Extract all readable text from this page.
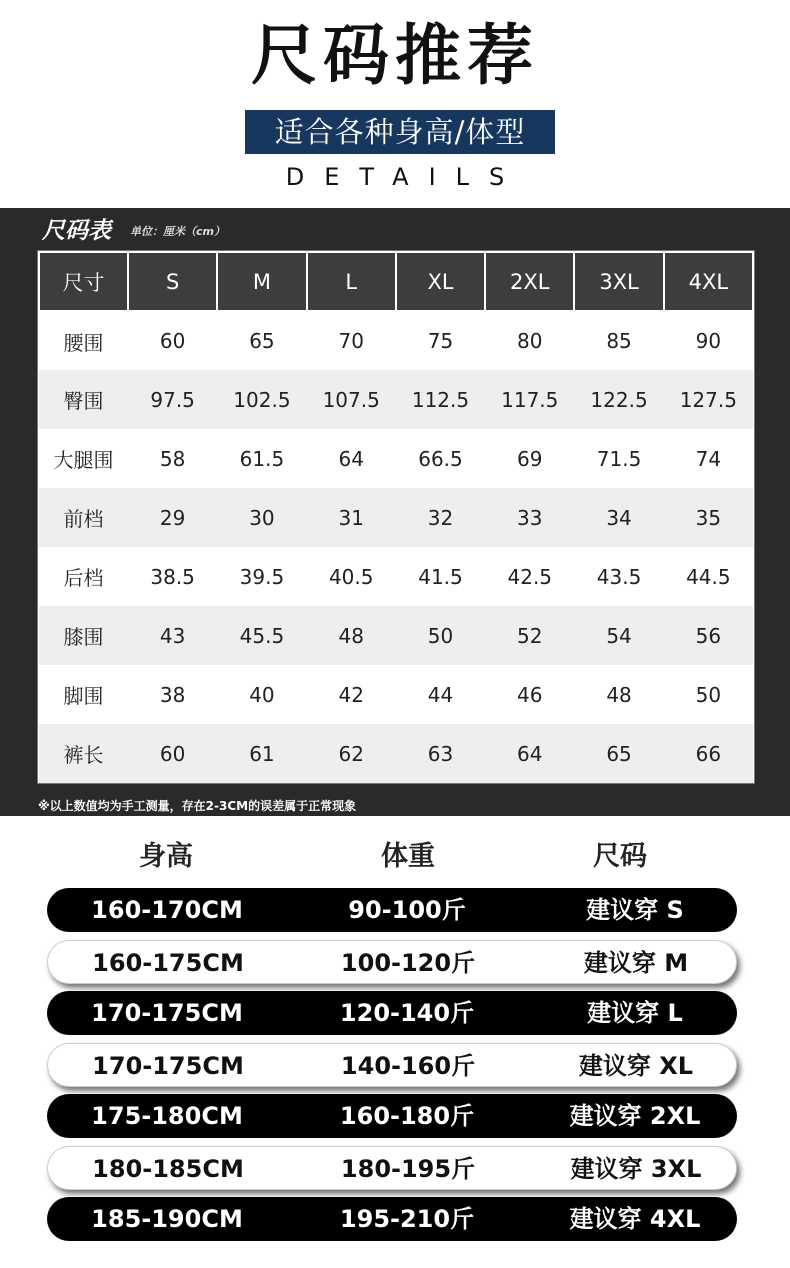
尺码推荐
适合各种身高/体型
DETAILS
尺码表 单位：厘米（cm）
尺寸	S	M	L	XL	2XL	3XL	4XL
腰围	60	65	70	75	80	85	90
臀围	97.5	102.5	107.5	112.5	117.5	122.5	127.5
大腿围	58	61.5	64	66.5	69	71.5	74
前档	29	30	31	32	33	34	35
后档	38.5	39.5	40.5	41.5	42.5	43.5	44.5
膝围	43	45.5	48	50	52	54	56
脚围	38	40	42	44	46	48	50
裤长	60	61	62	63	64	65	66
※以上数值均为手工测量，存在2-3CM的误差属于正常现象
身高	体重	尺码
160-170CM	90-100斤	建议穿 S
160-175CM	100-120斤	建议穿 M
170-175CM	120-140斤	建议穿 L
170-175CM	140-160斤	建议穿 XL
175-180CM	160-180斤	建议穿 2XL
180-185CM	180-195斤	建议穿 3XL
185-190CM	195-210斤	建议穿 4XL
